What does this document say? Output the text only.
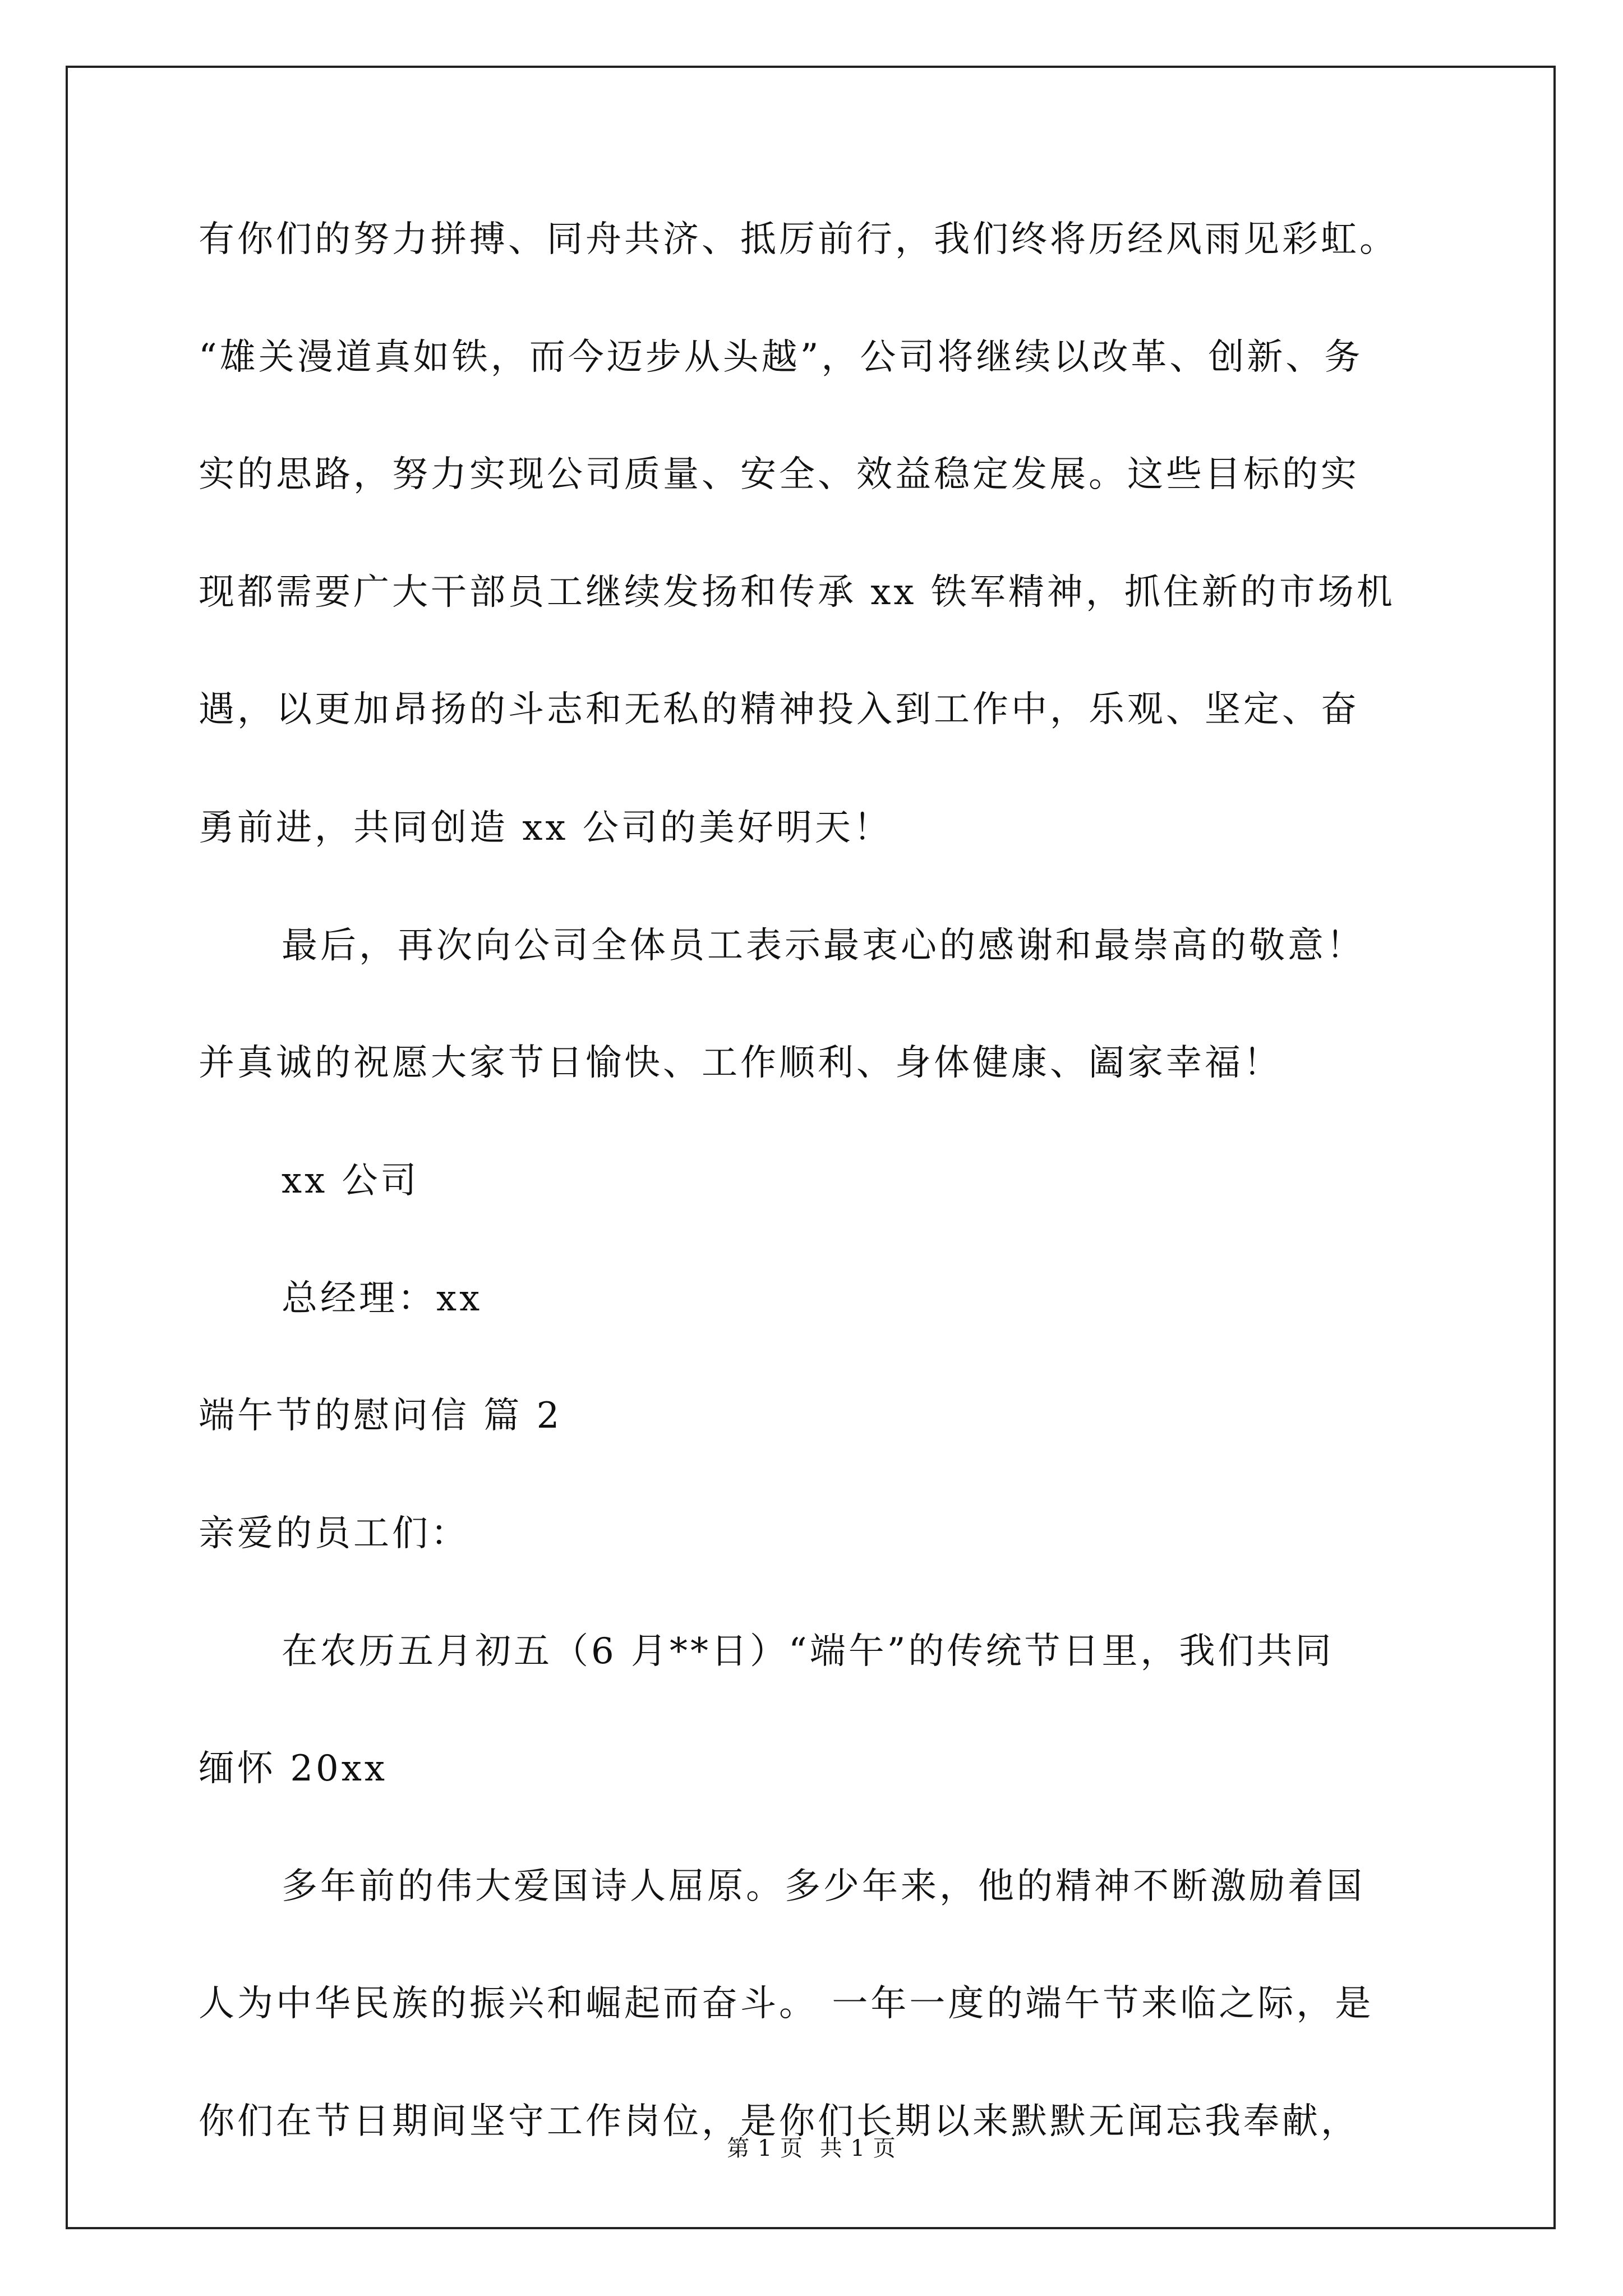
有你们的努力拼搏、同舟共济、抵厉前行，我们终将历经风雨见彩虹。
“雄关漫道真如铁，而今迈步从头越”，公司将继续以改革、创新、务
实的思路，努力实现公司质量、安全、效益稳定发展。这些目标的实
现都需要广大干部员工继续发扬和传承 xx 铁军精神，抓住新的市场机
遇，以更加昂扬的斗志和无私的精神投入到工作中，乐观、坚定、奋
勇前进，共同创造 xx 公司的美好明天！
最后，再次向公司全体员工表示最衷心的感谢和最崇高的敬意！
并真诚的祝愿大家节日愉快、工作顺利、身体健康、阖家幸福！
xx 公司
总经理：xx
端午节的慰问信 篇 2
亲爱的员工们：
在农历五月初五（6 月**日）“端午”的传统节日里，我们共同
缅怀 20xx
多年前的伟大爱国诗人屈原。多少年来，他的精神不断激励着国
人为中华民族的振兴和崛起而奋斗。 一年一度的端午节来临之际，是
你们在节日期间坚守工作岗位，是你们长期以来默默无闻忘我奉献，
第 1 页 共 1 页
